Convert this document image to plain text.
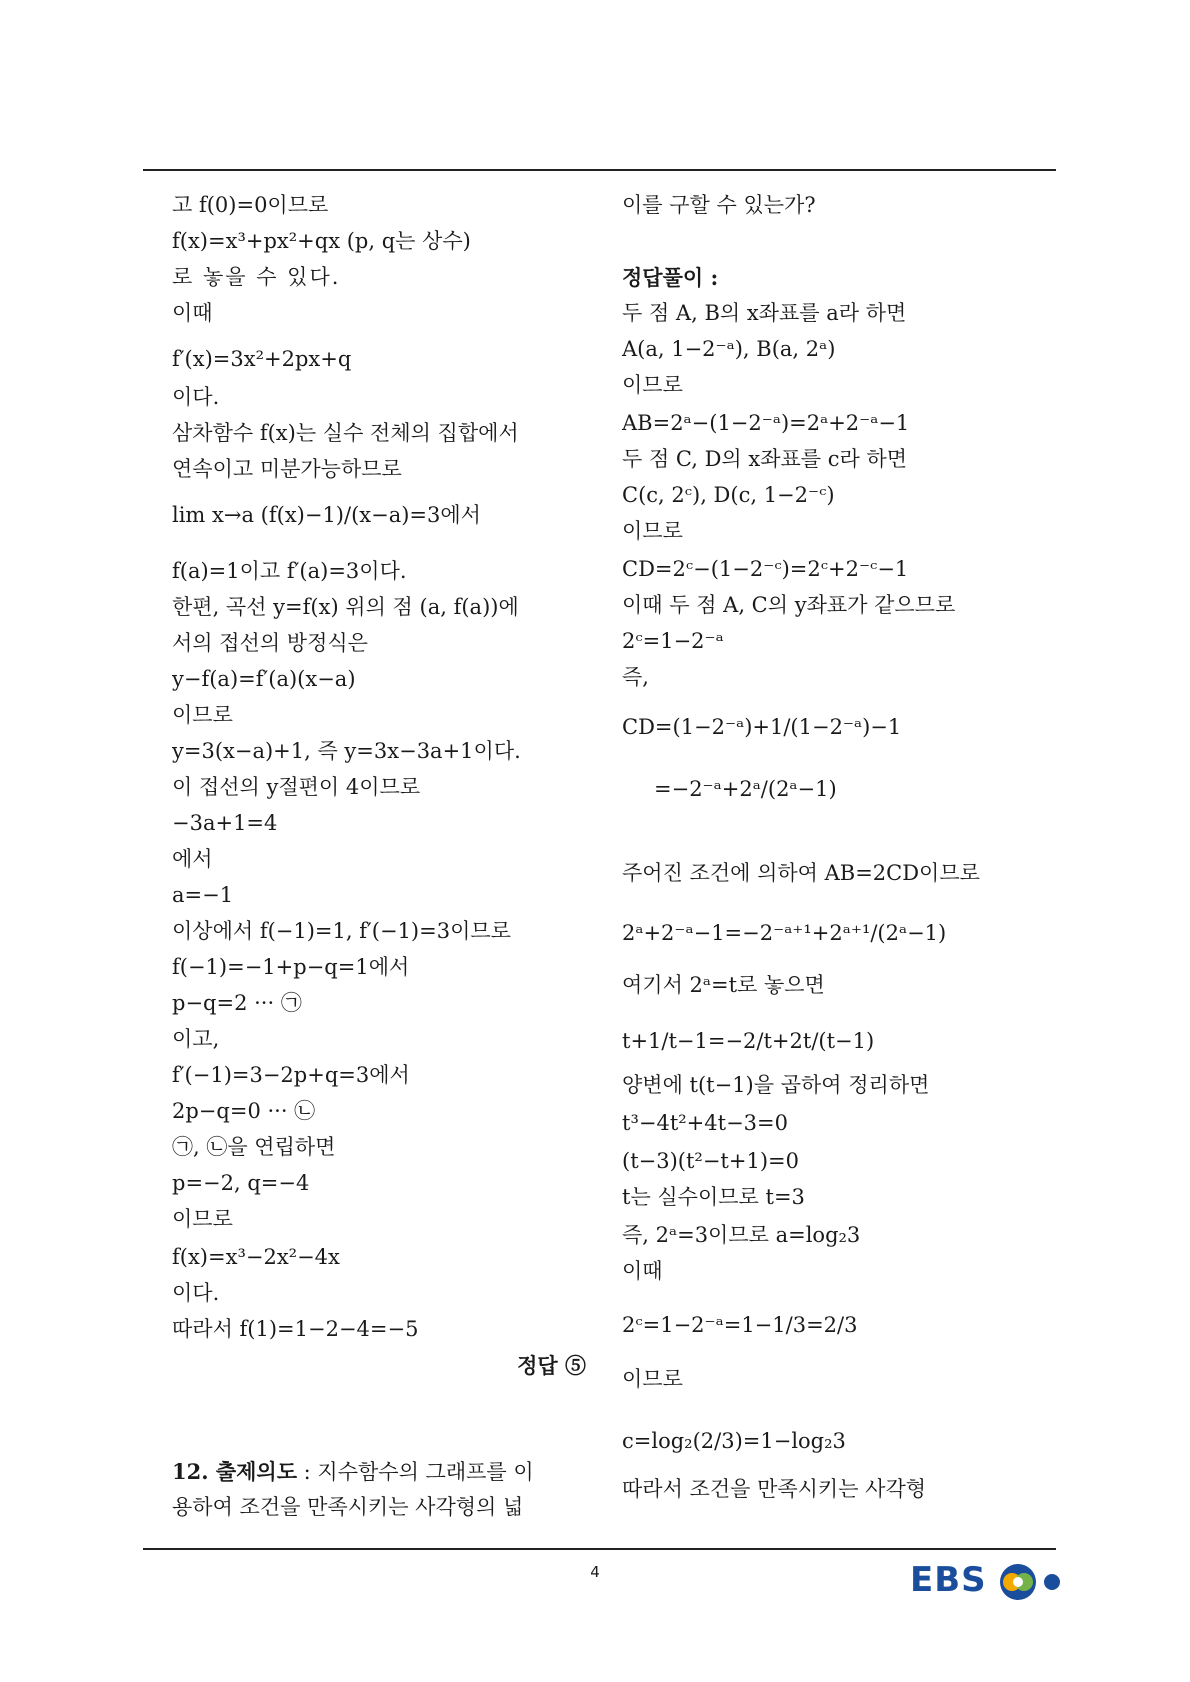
고 f(0)=0이므로
f(x)=x³+px²+qx (p, q는 상수)
로 놓을 수 있다.
이때
f′(x)=3x²+2px+q
이다.
삼차함수 f(x)는 실수 전체의 집합에서
연속이고 미분가능하므로
lim x→a (f(x)−1)/(x−a)=3에서
f(a)=1이고 f′(a)=3이다.
한편, 곡선 y=f(x) 위의 점 (a, f(a))에
서의 접선의 방정식은
y−f(a)=f′(a)(x−a)
이므로
y=3(x−a)+1, 즉 y=3x−3a+1이다.
이 접선의 y절편이 4이므로
−3a+1=4
에서
a=−1
이상에서 f(−1)=1, f′(−1)=3이므로
f(−1)=−1+p−q=1에서
p−q=2 ··· ㉠
이고,
f′(−1)=3−2p+q=3에서
2p−q=0 ··· ㉡
㉠, ㉡을 연립하면
p=−2, q=−4
이므로
f(x)=x³−2x²−4x
이다.
따라서 f(1)=1−2−4=−5
정답 ⑤
12. 출제의도 : 지수함수의 그래프를 이
용하여 조건을 만족시키는 사각형의 넓
이를 구할 수 있는가?
정답풀이 :
두 점 A, B의 x좌표를 a라 하면
A(a, 1−2⁻ᵃ), B(a, 2ᵃ)
이므로
AB=2ᵃ−(1−2⁻ᵃ)=2ᵃ+2⁻ᵃ−1
두 점 C, D의 x좌표를 c라 하면
C(c, 2ᶜ), D(c, 1−2⁻ᶜ)
이므로
CD=2ᶜ−(1−2⁻ᶜ)=2ᶜ+2⁻ᶜ−1
이때 두 점 A, C의 y좌표가 같으므로
2ᶜ=1−2⁻ᵃ
즉,
CD=(1−2⁻ᵃ)+1/(1−2⁻ᵃ)−1
=−2⁻ᵃ+2ᵃ/(2ᵃ−1)
주어진 조건에 의하여 AB=2CD이므로
2ᵃ+2⁻ᵃ−1=−2⁻ᵃ⁺¹+2ᵃ⁺¹/(2ᵃ−1)
여기서 2ᵃ=t로 놓으면
t+1/t−1=−2/t+2t/(t−1)
양변에 t(t−1)을 곱하여 정리하면
t³−4t²+4t−3=0
(t−3)(t²−t+1)=0
t는 실수이므로 t=3
즉, 2ᵃ=3이므로 a=log₂3
이때
2ᶜ=1−2⁻ᵃ=1−1/3=2/3
이므로
c=log₂(2/3)=1−log₂3
따라서 조건을 만족시키는 사각형
4	EBS
